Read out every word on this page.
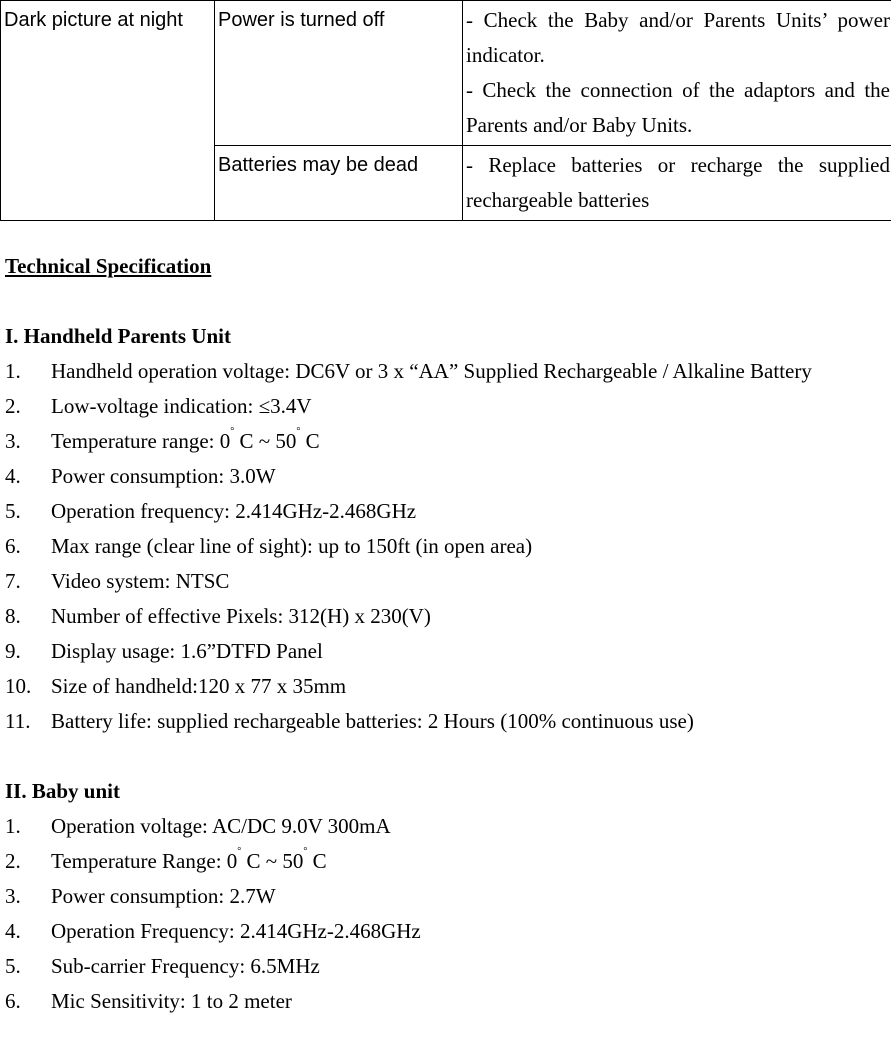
Dark picture at night	Power is turned off	- Check the Baby and/or Parents Units’ power indicator.
- Check the connection of the adaptors and the Parents and/or Baby Units.

	Batteries may be dead	- Replace batteries or recharge the supplied rechargeable batteries
Technical Specification
I. Handheld Parents Unit
1.	Handheld operation voltage: DC6V or 3 x “AA” Supplied Rechargeable / Alkaline Battery
2.	Low-voltage indication: ≤3.4V
3.	Temperature range: 0° C ~ 50° C
4.	Power consumption: 3.0W
5.	Operation frequency: 2.414GHz-2.468GHz
6.	Max range (clear line of sight): up to 150ft (in open area)
7.	Video system: NTSC
8.	Number of effective Pixels: 312(H) x 230(V)
9.	Display usage: 1.6”DTFD Panel
10. Size of handheld:120 x 77 x 35mm
11. Battery life: supplied rechargeable batteries: 2 Hours (100% continuous use)
II. Baby unit
1.	Operation voltage: AC/DC 9.0V 300mA
2.	Temperature Range: 0° C ~ 50° C
3.	Power consumption: 2.7W
4.	Operation Frequency: 2.414GHz-2.468GHz
5.	Sub-carrier Frequency: 6.5MHz
6.	Mic Sensitivity: 1 to 2 meter
